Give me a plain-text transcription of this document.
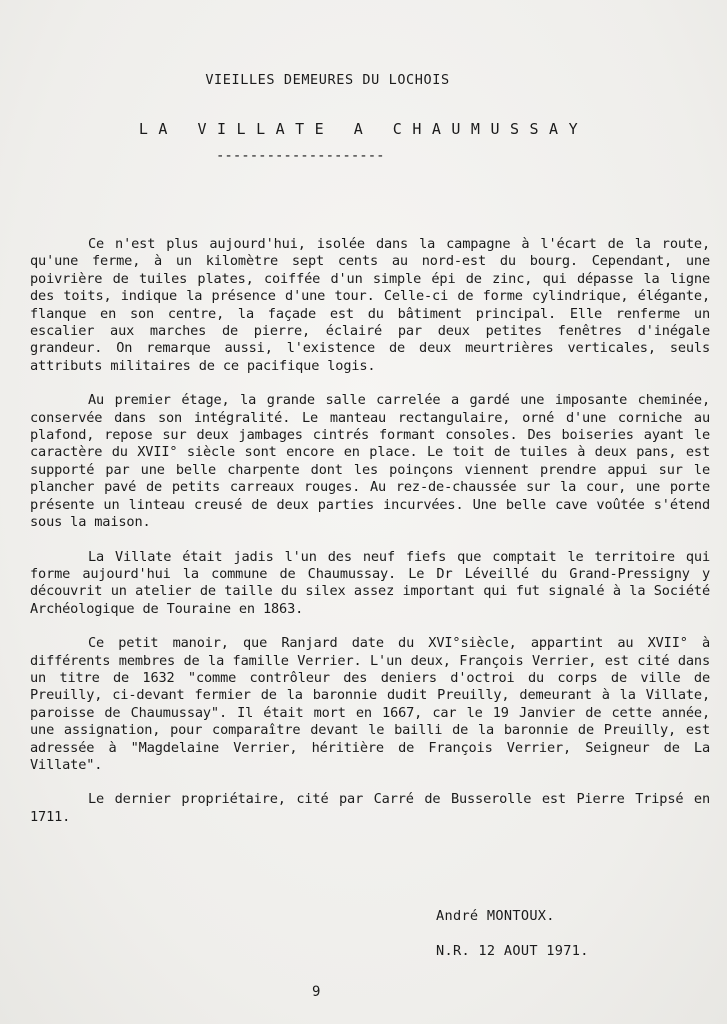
VIEILLES DEMEURES DU LOCHOIS
LA VILLATE A CHAUMUSSAY
--------------------

Ce n'est plus aujourd'hui, isolée dans la campagne à l'écart de la route, qu'une ferme, à un kilomètre sept cents au nord-est du bourg. Cependant, une poivrière de tuiles plates, coiffée d'un simple épi de zinc, qui dépasse la ligne des toits, indique la présence d'une tour. Celle-ci de forme cylindrique, élégante, flanque en son centre, la façade est du bâtiment principal. Elle renferme un escalier aux marches de pierre, éclairé par deux petites fenêtres d'inégale grandeur. On remarque aussi, l'existence de deux meurtrières verticales, seuls attributs militaires de ce pacifique logis.

Au premier étage, la grande salle carrelée a gardé une imposante cheminée, conservée dans son intégralité. Le manteau rectangulaire, orné d'une corniche au plafond, repose sur deux jambages cintrés formant consoles. Des boiseries ayant le caractère du XVII° siècle sont encore en place. Le toit de tuiles à deux pans, est supporté par une belle charpente dont les poinçons viennent prendre appui sur le plancher pavé de petits carreaux rouges. Au rez-de-chaussée sur la cour, une porte présente un linteau creusé de deux parties incurvées. Une belle cave voûtée s'étend sous la maison.

La Villate était jadis l'un des neuf fiefs que comptait le territoire qui forme aujourd'hui la commune de Chaumussay. Le Dr Léveillé du Grand-Pressigny y découvrit un atelier de taille du silex assez important qui fut signalé à la Société Archéologique de Touraine en 1863.

Ce petit manoir, que Ranjard date du XVI°siècle, appartint au XVII° à différents membres de la famille Verrier. L'un deux, François Verrier, est cité dans un titre de 1632 "comme contrôleur des deniers d'octroi du corps de ville de Preuilly, ci-devant fermier de la baronnie dudit Preuilly, demeurant à la Villate, paroisse de Chaumussay". Il était mort en 1667, car le 19 Janvier de cette année, une assignation, pour comparaître devant le bailli de la baronnie de Preuilly, est adressée à "Magdelaine Verrier, héritière de François Verrier, Seigneur de La Villate".

Le dernier propriétaire, cité par Carré de Busserolle est Pierre Tripsé en 1711.

André MONTOUX.
N.R. 12 AOUT 1971.
9
